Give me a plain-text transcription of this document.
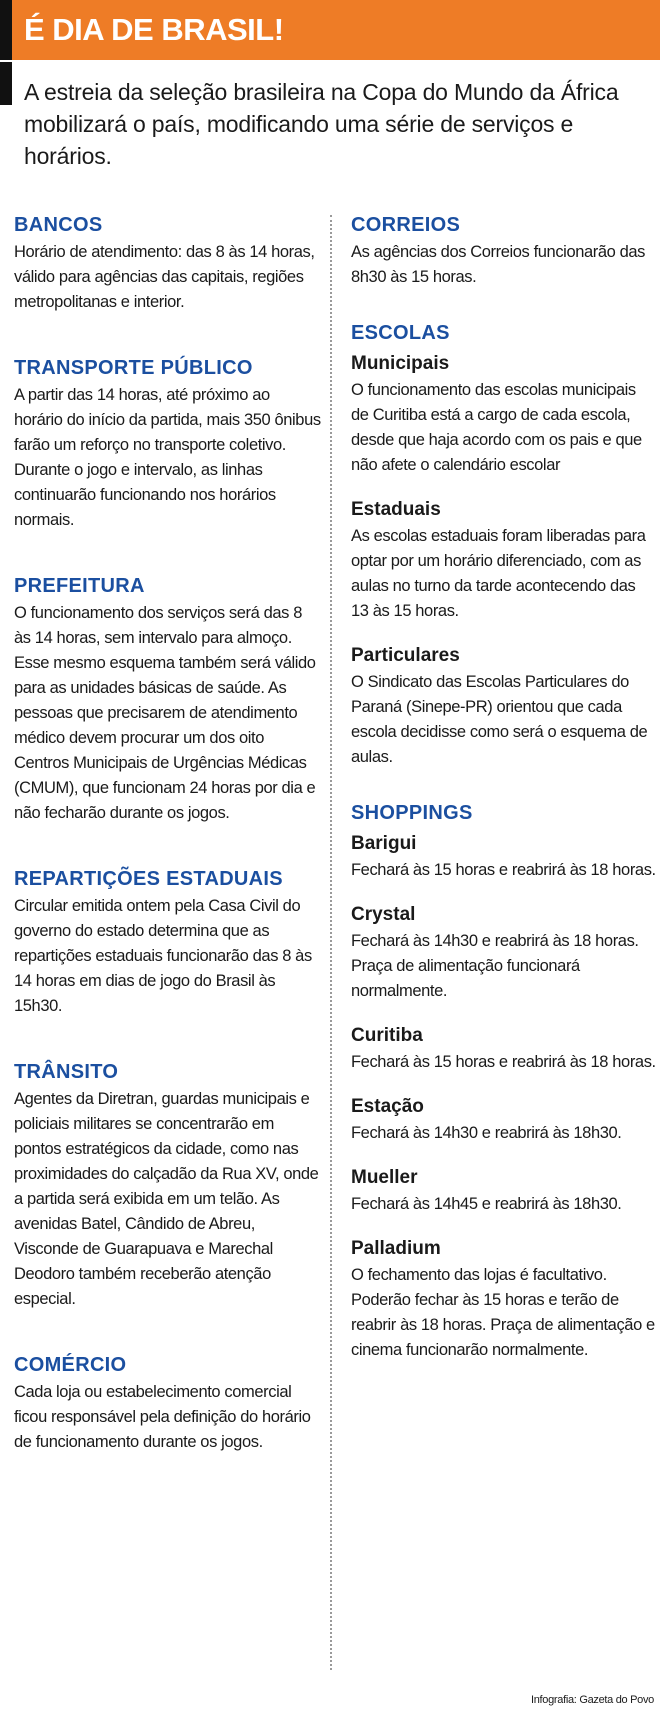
É DIA DE BRASIL!
A estreia da seleção brasileira na Copa do Mundo da África mobilizará o país, modificando uma série de serviços e horários.
BANCOS

Horário de atendimento: das 8 às 14 horas, válido para agências das capitais, regiões metropolitanas e interior.

TRANSPORTE PÚBLICO

A partir das 14 horas, até próximo ao horário do início da partida, mais 350 ônibus farão um reforço no transporte coletivo. Durante o jogo e intervalo, as linhas continuarão funcionando nos horários normais.

PREFEITURA

O funcionamento dos serviços será das 8 às 14 horas, sem intervalo para almoço. Esse mesmo esquema também será válido para as unidades básicas de saúde. As pessoas que precisarem de atendimento médico devem procurar um dos oito Centros Municipais de Urgências Médicas (CMUM), que funcionam 24 horas por dia e não fecharão durante os jogos.

REPARTIÇÕES ESTADUAIS

Circular emitida ontem pela Casa Civil do governo do estado determina que as repartições estaduais funcionarão das 8 às 14 horas em dias de jogo do Brasil às 15h30.

TRÂNSITO

Agentes da Diretran, guardas municipais e policiais militares se concentrarão em pontos estratégicos da cidade, como nas proximidades do calçadão da Rua XV, onde a partida será exibida em um telão. As avenidas Batel, Cândido de Abreu, Visconde de Guarapuava e Marechal Deodoro também receberão atenção especial.

COMÉRCIO

Cada loja ou estabelecimento comercial ficou responsável pela definição do horário de funcionamento durante os jogos.

CORREIOS

As agências dos Correios funcionarão das 8h30 às 15 horas.

ESCOLAS
Municipais

O funcionamento das escolas municipais de Curitiba está a cargo de cada escola, desde que haja acordo com os pais e que não afete o calendário escolar

Estaduais

As escolas estaduais foram liberadas para optar por um horário diferenciado, com as aulas no turno da tarde acontecendo das 13 às 15 horas.

Particulares

O Sindicato das Escolas Particulares do Paraná (Sinepe-PR) orientou que cada escola decidisse como será o esquema de aulas.

SHOPPINGS
Barigui

Fechará às 15 horas e reabrirá às 18 horas.

Crystal

Fechará às 14h30 e reabrirá às 18 horas. Praça de alimentação funcionará normalmente.

Curitiba

Fechará às 15 horas e reabrirá às 18 horas.

Estação

Fechará às 14h30 e reabrirá às 18h30.

Mueller

Fechará às 14h45 e reabrirá às 18h30.

Palladium

O fechamento das lojas é facultativo. Poderão fechar às 15 horas e terão de reabrir às 18 horas. Praça de alimentação e cinema funcionarão normalmente.

Infografia: Gazeta do Povo
